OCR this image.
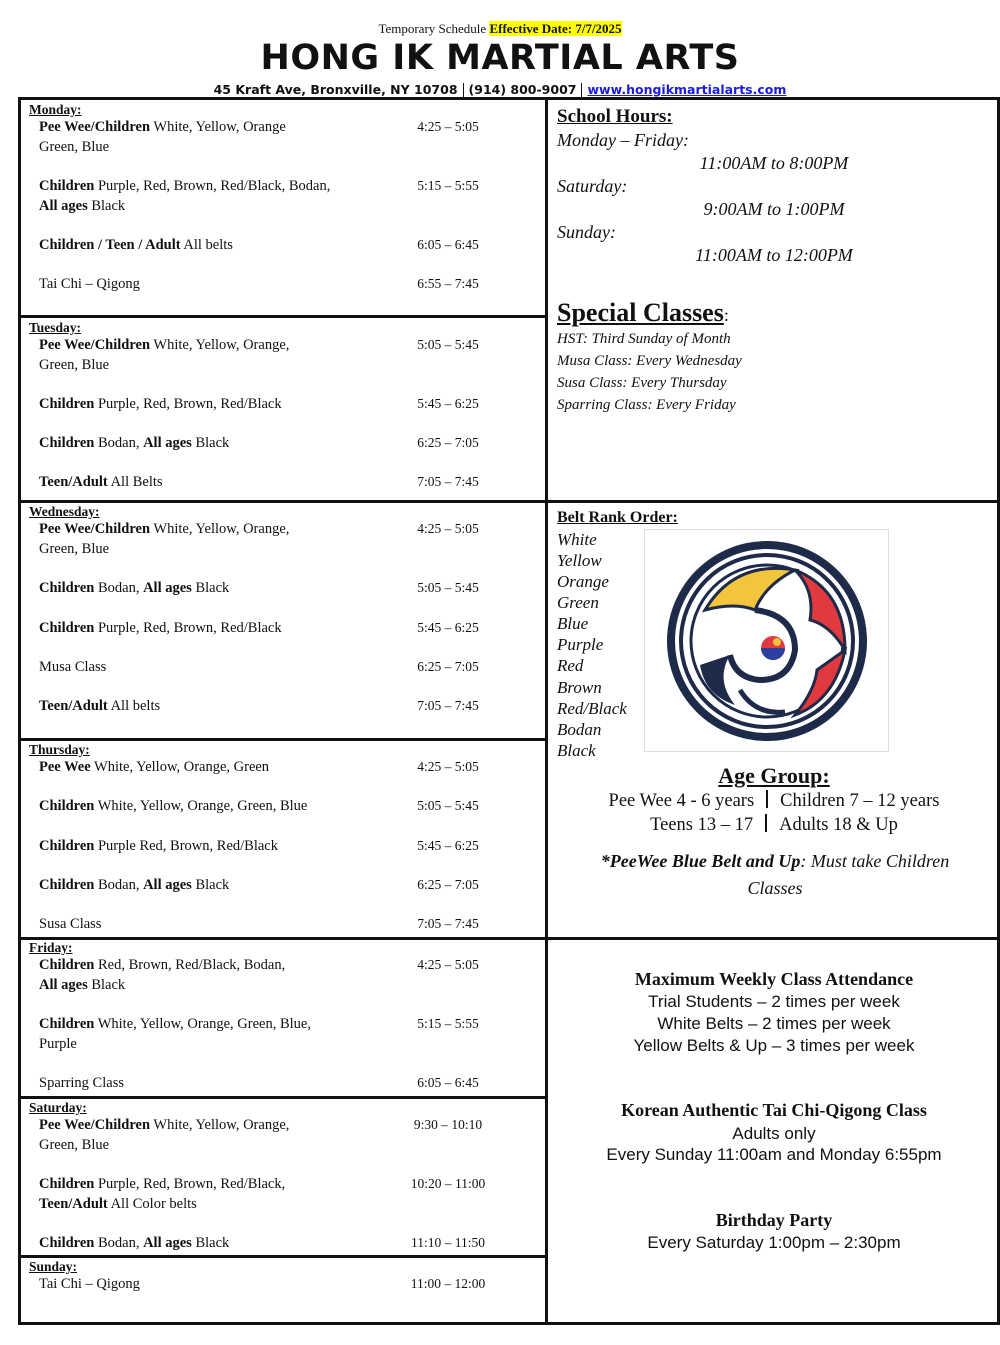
Temporary Schedule Effective Date: 7/7/2025
HONG IK MARTIAL ARTS
45 Kraft Ave, Bronxville, NY 10708 (914) 800-9007 www.hongikmartialarts.com
Monday:
Pee Wee/Children White, Yellow, Orange
Green, Blue
4:25 – 5:05
Children Purple, Red, Brown, Red/Black, Bodan,
All ages Black
5:15 – 5:55
Children / Teen / Adult All belts	6:05 – 6:45
Tai Chi – Qigong	6:55 – 7:45
Tuesday:
Pee Wee/Children White, Yellow, Orange,
Green, Blue
5:05 – 5:45
Children Purple, Red, Brown, Red/Black	5:45 – 6:25
Children Bodan, All ages Black	6:25 – 7:05
Teen/Adult All Belts	7:05 – 7:45
Wednesday:
Pee Wee/Children White, Yellow, Orange,
Green, Blue
4:25 – 5:05
Children Bodan, All ages Black	5:05 – 5:45
Children Purple, Red, Brown, Red/Black	5:45 – 6:25
Musa Class	6:25 – 7:05
Teen/Adult All belts	7:05 – 7:45
Thursday:
Pee Wee White, Yellow, Orange, Green	4:25 – 5:05
Children White, Yellow, Orange, Green, Blue	5:05 – 5:45
Children Purple Red, Brown, Red/Black	5:45 – 6:25
Children Bodan, All ages Black	6:25 – 7:05
Susa Class	7:05 – 7:45
Friday:
Children Red, Brown, Red/Black, Bodan,
All ages Black
4:25 – 5:05
Children White, Yellow, Orange, Green, Blue,
Purple
5:15 – 5:55
Sparring Class	6:05 – 6:45
Saturday:
Pee Wee/Children White, Yellow, Orange,
Green, Blue
9:30 – 10:10
Children Purple, Red, Brown, Red/Black,
Teen/Adult All Color belts
10:20 – 11:00
Children Bodan, All ages Black	11:10 – 11:50
Sunday:
Tai Chi – Qigong	11:00 – 12:00
School Hours:
Monday – Friday:
11:00AM to 8:00PM
Saturday:
9:00AM to 1:00PM
Sunday:
11:00AM to 12:00PM
Special Classes:
HST: Third Sunday of Month
Musa Class: Every Wednesday
Susa Class: Every Thursday
Sparring Class: Every Friday
Belt Rank Order:
White
Yellow
Orange
Green
Blue
Purple
Red
Brown
Red/Black
Bodan
Black
Age Group:
Pee Wee 4 - 6 years Children 7 – 12 years
Teens 13 – 17 Adults 18 & Up
*PeeWee Blue Belt and Up: Must take Children
Classes
Maximum Weekly Class Attendance
Trial Students – 2 times per week
White Belts – 2 times per week
Yellow Belts & Up – 3 times per week
Korean Authentic Tai Chi-Qigong Class
Adults only
Every Sunday 11:00am and Monday 6:55pm
Birthday Party
Every Saturday 1:00pm – 2:30pm
